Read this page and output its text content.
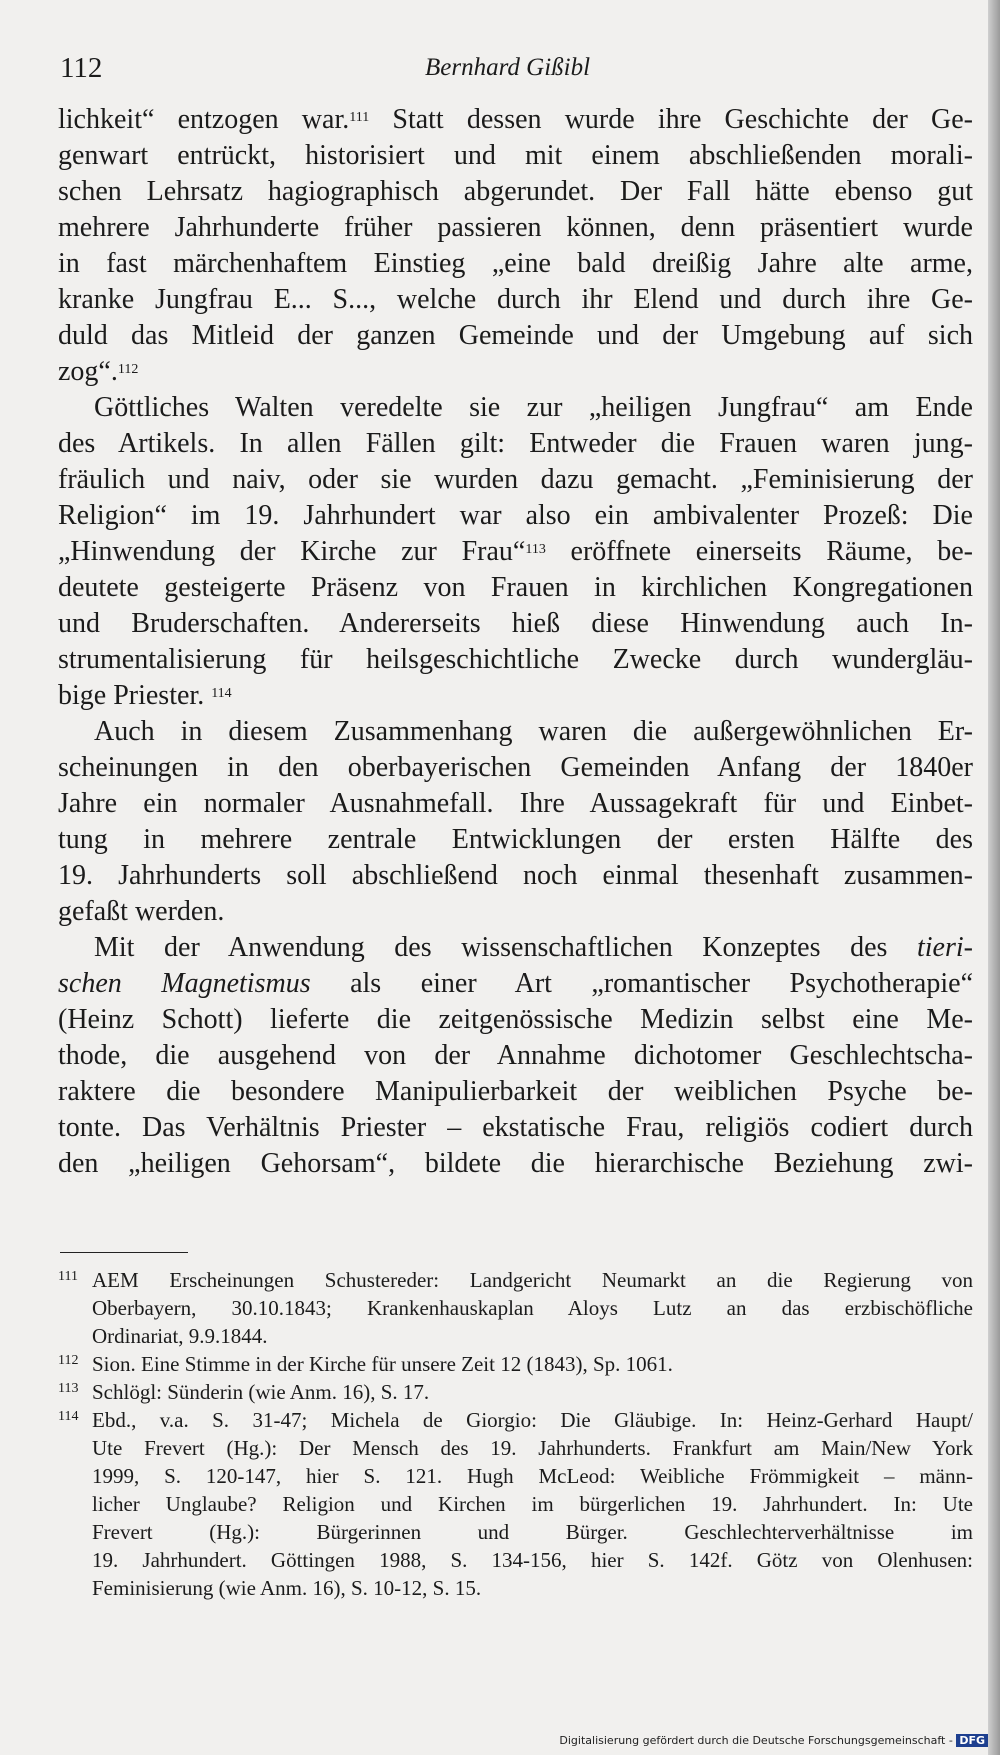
112	Bernhard Gißibl
lichkeit“ entzogen war.$^{111}$ Statt dessen wurde ihre Geschichte der Ge-
genwart entrückt, historisiert und mit einem abschließenden morali-
schen Lehrsatz hagiographisch abgerundet. Der Fall hätte ebenso gut
mehrere Jahrhunderte früher passieren können, denn präsentiert wurde
in fast märchenhaftem Einstieg „eine bald dreißig Jahre alte arme,
kranke Jungfrau E... S..., welche durch ihr Elend und durch ihre Ge-
duld das Mitleid der ganzen Gemeinde und der Umgebung auf sich
zog“.$^{112}$
Göttliches Walten veredelte sie zur „heiligen Jungfrau“ am Ende
des Artikels. In allen Fällen gilt: Entweder die Frauen waren jung-
fräulich und naiv, oder sie wurden dazu gemacht. „Feminisierung der
Religion“ im 19. Jahrhundert war also ein ambivalenter Prozeß: Die
„Hinwendung der Kirche zur Frau“$^{113}$ eröffnete einerseits Räume, be-
deutete gesteigerte Präsenz von Frauen in kirchlichen Kongregationen
und Bruderschaften. Andererseits hieß diese Hinwendung auch In-
strumentalisierung für heilsgeschichtliche Zwecke durch wundergläu-
bige Priester. $^{114}$
Auch in diesem Zusammenhang waren die außergewöhnlichen Er-
scheinungen in den oberbayerischen Gemeinden Anfang der 1840er
Jahre ein normaler Ausnahmefall. Ihre Aussagekraft für und Einbet-
tung in mehrere zentrale Entwicklungen der ersten Hälfte des
19. Jahrhunderts soll abschließend noch einmal thesenhaft zusammen-
gefaßt werden.
Mit der Anwendung des wissenschaftlichen Konzeptes des tieri-
schen Magnetismus als einer Art „romantischer Psychotherapie“
(Heinz Schott) lieferte die zeitgenössische Medizin selbst eine Me-
thode, die ausgehend von der Annahme dichotomer Geschlechtscha-
raktere die besondere Manipulierbarkeit der weiblichen Psyche be-
tonte. Das Verhältnis Priester – ekstatische Frau, religiös codiert durch
den „heiligen Gehorsam“, bildete die hierarchische Beziehung zwi-
111 AEM Erscheinungen Schustereder: Landgericht Neumarkt an die Regierung von
Oberbayern, 30.10.1843; Krankenhauskaplan Aloys Lutz an das erzbischöfliche
Ordinariat, 9.9.1844.
112 Sion. Eine Stimme in der Kirche für unsere Zeit 12 (1843), Sp. 1061.
113 Schlögl: Sünderin (wie Anm. 16), S. 17.
114 Ebd., v.a. S. 31-47; Michela de Giorgio: Die Gläubige. In: Heinz-Gerhard Haupt/
Ute Frevert (Hg.): Der Mensch des 19. Jahrhunderts. Frankfurt am Main/New York
1999, S. 120-147, hier S. 121. Hugh McLeod: Weibliche Frömmigkeit – männ-
licher Unglaube? Religion und Kirchen im bürgerlichen 19. Jahrhundert. In: Ute
Frevert (Hg.): Bürgerinnen und Bürger. Geschlechterverhältnisse im
19. Jahrhundert. Göttingen 1988, S. 134-156, hier S. 142f. Götz von Olenhusen:
Feminisierung (wie Anm. 16), S. 10-12, S. 15.
Digitalisierung gefördert durch die Deutsche Forschungsgemeinschaft - DFG
